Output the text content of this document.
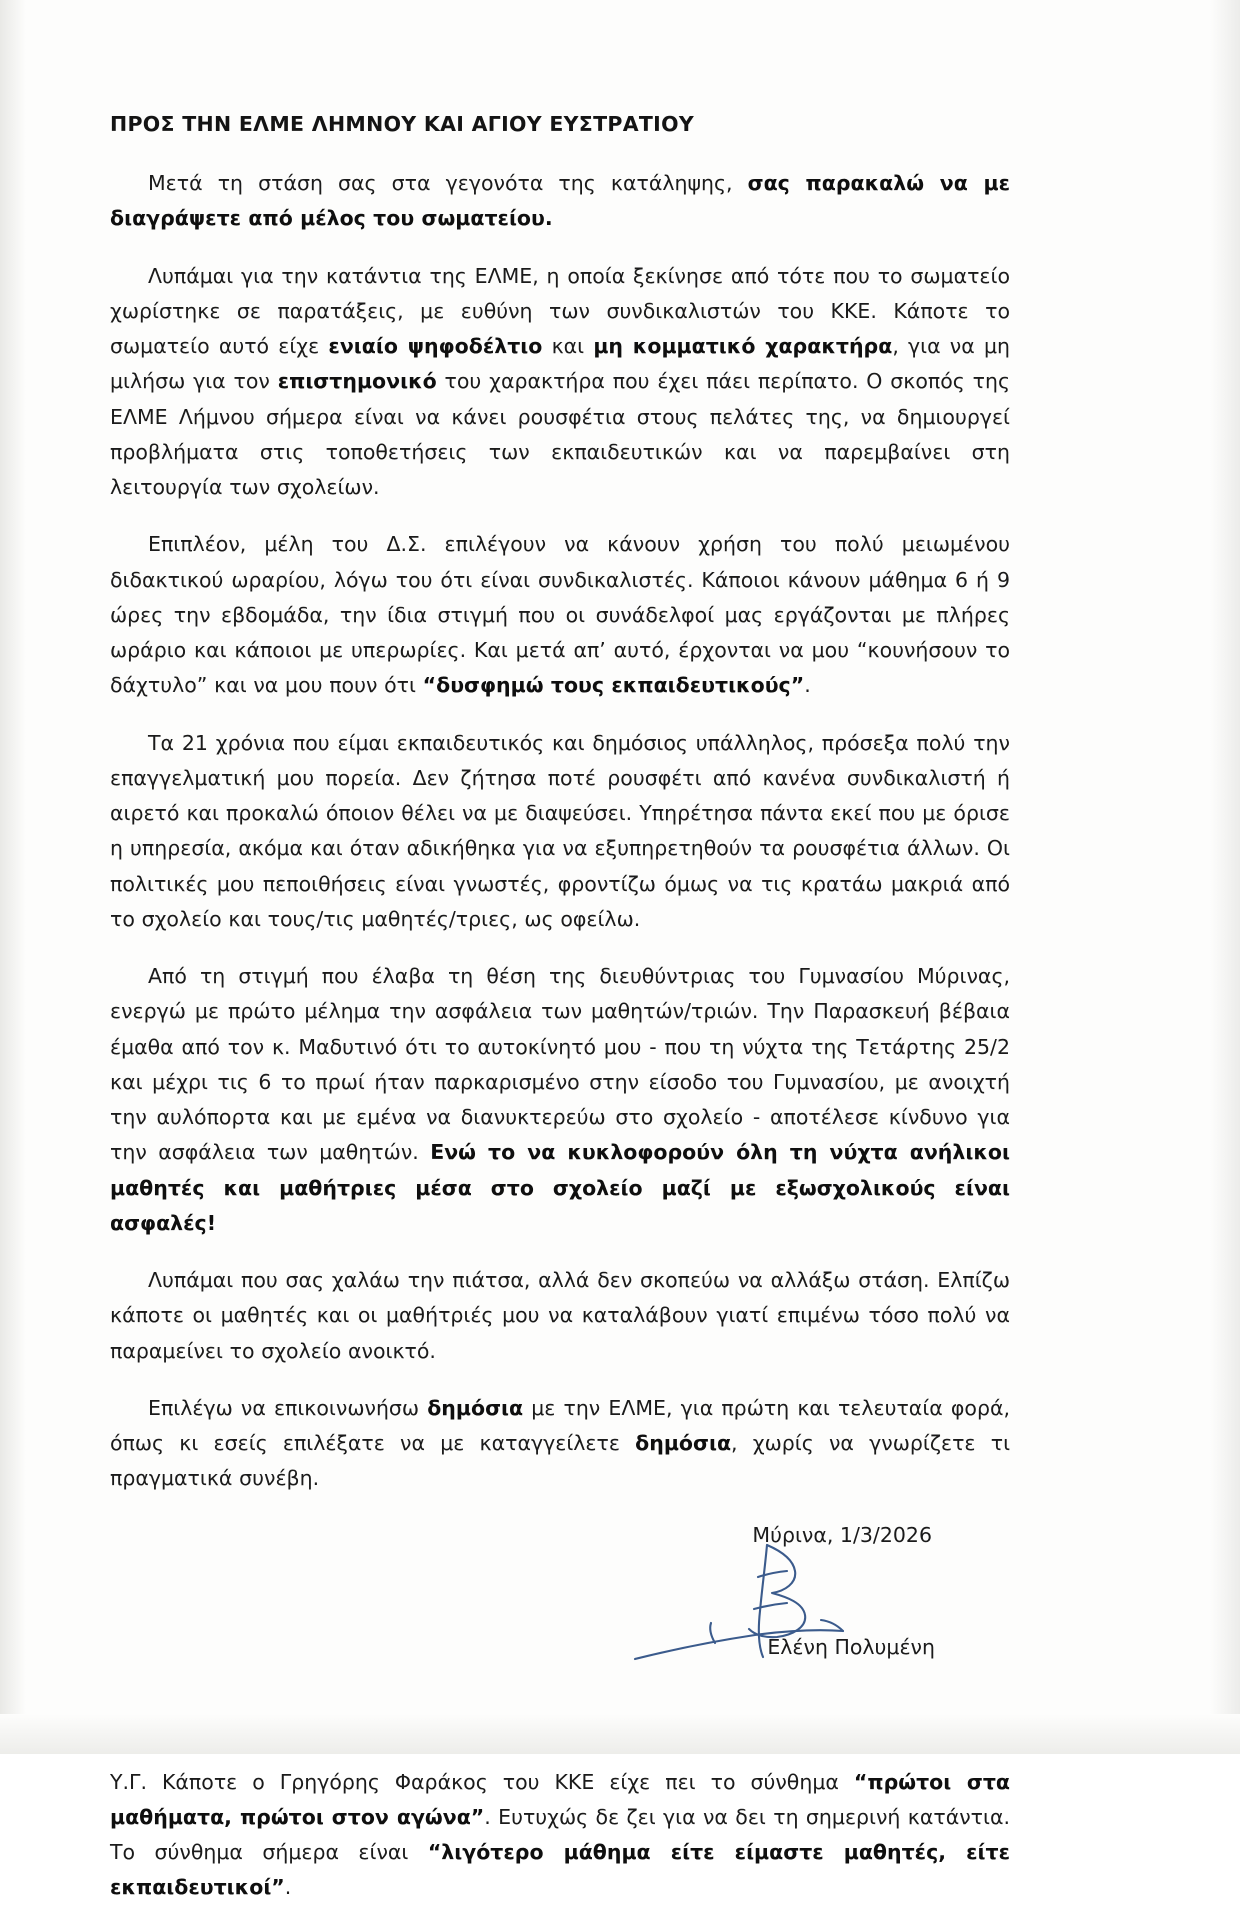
ΠΡΟΣ ΤΗΝ ΕΛΜΕ ΛΗΜΝΟΥ ΚΑΙ ΑΓΙΟΥ ΕΥΣΤΡΑΤΙΟΥ

Μετά τη στάση σας στα γεγονότα της κατάληψης, σας παρακαλώ να με διαγράψετε από μέλος του σωματείου.

Λυπάμαι για την κατάντια της ΕΛΜΕ, η οποία ξεκίνησε από τότε που το σωματείο χωρίστηκε σε παρατάξεις, με ευθύνη των συνδικαλιστών του ΚΚΕ. Κάποτε το σωματείο αυτό είχε ενιαίο ψηφοδέλτιο και μη κομματικό χαρακτήρα, για να μη μιλήσω για τον επιστημονικό του χαρακτήρα που έχει πάει περίπατο. Ο σκοπός της ΕΛΜΕ Λήμνου σήμερα είναι να κάνει ρουσφέτια στους πελάτες της, να δημιουργεί προβλήματα στις τοποθετήσεις των εκπαιδευτικών και να παρεμβαίνει στη λειτουργία των σχολείων.

Επιπλέον, μέλη του Δ.Σ. επιλέγουν να κάνουν χρήση του πολύ μειωμένου διδακτικού ωραρίου, λόγω του ότι είναι συνδικαλιστές. Κάποιοι κάνουν μάθημα 6 ή 9 ώρες την εβδομάδα, την ίδια στιγμή που οι συνάδελφοί μας εργάζονται με πλήρες ωράριο και κάποιοι με υπερωρίες. Και μετά απ’ αυτό, έρχονται να μου “κουνήσουν το δάχτυλο” και να μου πουν ότι “δυσφημώ τους εκπαιδευτικούς”.

Τα 21 χρόνια που είμαι εκπαιδευτικός και δημόσιος υπάλληλος, πρόσεξα πολύ την επαγγελματική μου πορεία. Δεν ζήτησα ποτέ ρουσφέτι από κανένα συνδικαλιστή ή αιρετό και προκαλώ όποιον θέλει να με διαψεύσει. Υπηρέτησα πάντα εκεί που με όρισε η υπηρεσία, ακόμα και όταν αδικήθηκα για να εξυπηρετηθούν τα ρουσφέτια άλλων. Οι πολιτικές μου πεποιθήσεις είναι γνωστές, φροντίζω όμως να τις κρατάω μακριά από το σχολείο και τους/τις μαθητές/τριες, ως οφείλω.

Από τη στιγμή που έλαβα τη θέση της διευθύντριας του Γυμνασίου Μύρινας, ενεργώ με πρώτο μέλημα την ασφάλεια των μαθητών/τριών. Την Παρασκευή βέβαια έμαθα από τον κ. Μαδυτινό ότι το αυτοκίνητό μου - που τη νύχτα της Τετάρτης 25/2 και μέχρι τις 6 το πρωί ήταν παρκαρισμένο στην είσοδο του Γυμνασίου, με ανοιχτή την αυλόπορτα και με εμένα να διανυκτερεύω στο σχολείο - αποτέλεσε κίνδυνο για την ασφάλεια των μαθητών. Ενώ το να κυκλοφορούν όλη τη νύχτα ανήλικοι μαθητές και μαθήτριες μέσα στο σχολείο μαζί με εξωσχολικούς είναι ασφαλές!

Λυπάμαι που σας χαλάω την πιάτσα, αλλά δεν σκοπεύω να αλλάξω στάση. Ελπίζω κάποτε οι μαθητές και οι μαθήτριές μου να καταλάβουν γιατί επιμένω τόσο πολύ να παραμείνει το σχολείο ανοικτό.

Επιλέγω να επικοινωνήσω δημόσια με την ΕΛΜΕ, για πρώτη και τελευταία φορά, όπως κι εσείς επιλέξατε να με καταγγείλετε δημόσια, χωρίς να γνωρίζετε τι πραγματικά συνέβη.

Μύρινα, 1/3/2026
Ελένη Πολυμένη

Υ.Γ. Κάποτε ο Γρηγόρης Φαράκος του ΚΚΕ είχε πει το σύνθημα “πρώτοι στα μαθήματα, πρώτοι στον αγώνα”. Ευτυχώς δε ζει για να δει τη σημερινή κατάντια. Το σύνθημα σήμερα είναι “λιγότερο μάθημα είτε είμαστε μαθητές, είτε εκπαιδευτικοί”.
